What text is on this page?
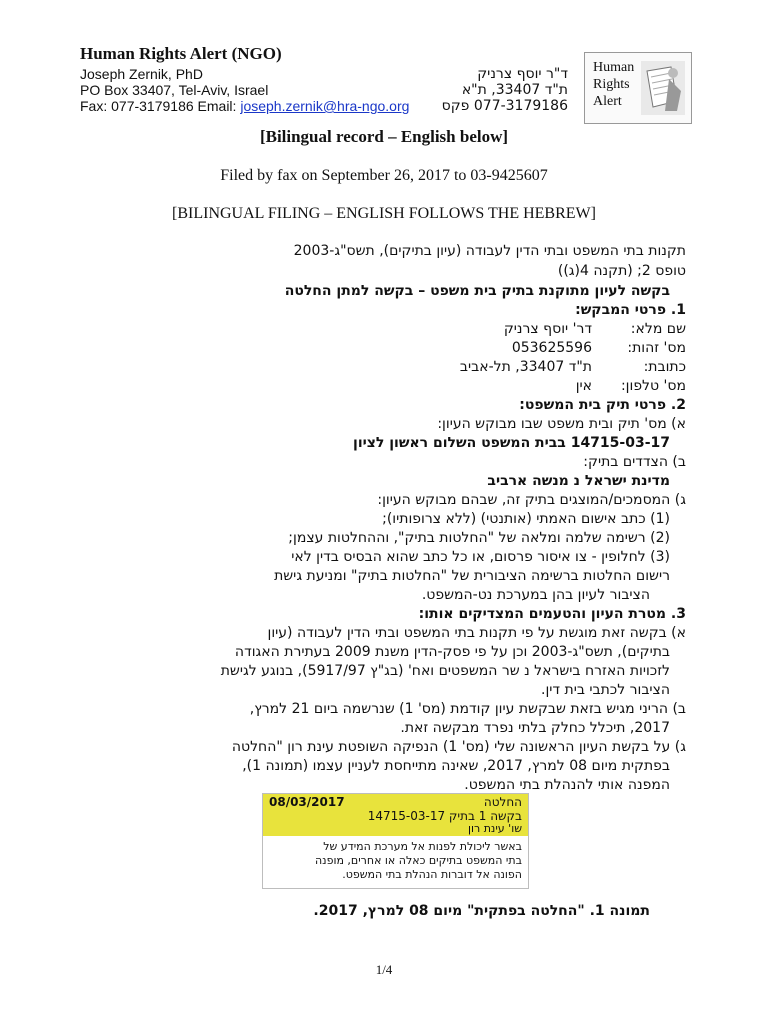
Human Rights Alert (NGO)
Joseph Zernik, PhD	ד"ר יוסף צרניק
PO Box 33407, Tel-Aviv, Israel	ת"ד 33407, ת"א
Fax: 077-3179186 Email: joseph.zernik@hra-ngo.org 077-3179186 פקס
Human
Rights
Alert
[Bilingual record – English below]
Filed by fax on September 26, 2017 to 03-9425607
[BILINGUAL FILING – ENGLISH FOLLOWS THE HEBREW]
תקנות בתי המשפט ובתי הדין לעבודה (עיון בתיקים), תשס"ג-2003
טופס 2; (תקנה 4(ג))
בקשה לעיון מתוקנת בתיק בית משפט – בקשה למתן החלטה
1. פרטי המבקש:
שם מלא:
דר' יוסף צרניק
מס' זהות:
053625596
כתובת:
ת"ד 33407, תל-אביב
מס' טלפון:
אין
2. פרטי תיק בית המשפט:
א) מס' תיק ובית משפט שבו מבוקש העיון:
14715-03-17 בבית המשפט השלום ראשון לציון
ב) הצדדים בתיק:
מדינת ישראל נ מנשה ארביב
ג) המסמכים/המוצגים בתיק זה, שבהם מבוקש העיון:
(1) כתב אישום האמתי (אותנטי) (ללא צרופותיו);
(2) רשימה שלמה ומלאה של "החלטות בתיק", וההחלטות עצמן;
(3) לחלופין - צו איסור פרסום, או כל כתב שהוא הבסיס בדין לאי
רישום החלטות ברשימה הציבורית של "החלטות בתיק" ומניעת גישת
הציבור לעיון בהן במערכת נט-המשפט.
3. מטרת העיון והטעמים המצדיקים אותו:
א) בקשה זאת מוגשת על פי תקנות בתי המשפט ובתי הדין לעבודה (עיון
בתיקים), תשס"ג-2003 וכן על פי פסק-הדין משנת 2009 בעתירת האגודה
לזכויות האזרח בישראל נ שר המשפטים ואח' (בג"ץ 5917/97), בנוגע לגישת
הציבור לכתבי בית דין.
ב) הריני מגיש בזאת שבקשת עיון קודמת (מס' 1) שנרשמה ביום 21 למרץ,
2017, תיכלל כחלק בלתי נפרד מבקשה זאת.
ג) על בקשת העיון הראשונה שלי (מס' 1) הנפיקה השופטת עינת רון "החלטה
בפתקית מיום 08 למרץ, 2017, שאינה מתייחסת לעניין עצמו (תמונה 1),
המפנה אותי להנהלת בתי המשפט.
08/03/2017	החלטה
בקשה 1 בתיק 14715-03-17
שו' עינת רון
באשר ליכולת לפנות אל מערכת המידע של
בתי המשפט בתיקים כאלה או אחרים, מופנה
הפונה אל דוברות הנהלת בתי המשפט.
תמונה 1. "החלטה בפתקית" מיום 08 למרץ, 2017.
1/4
